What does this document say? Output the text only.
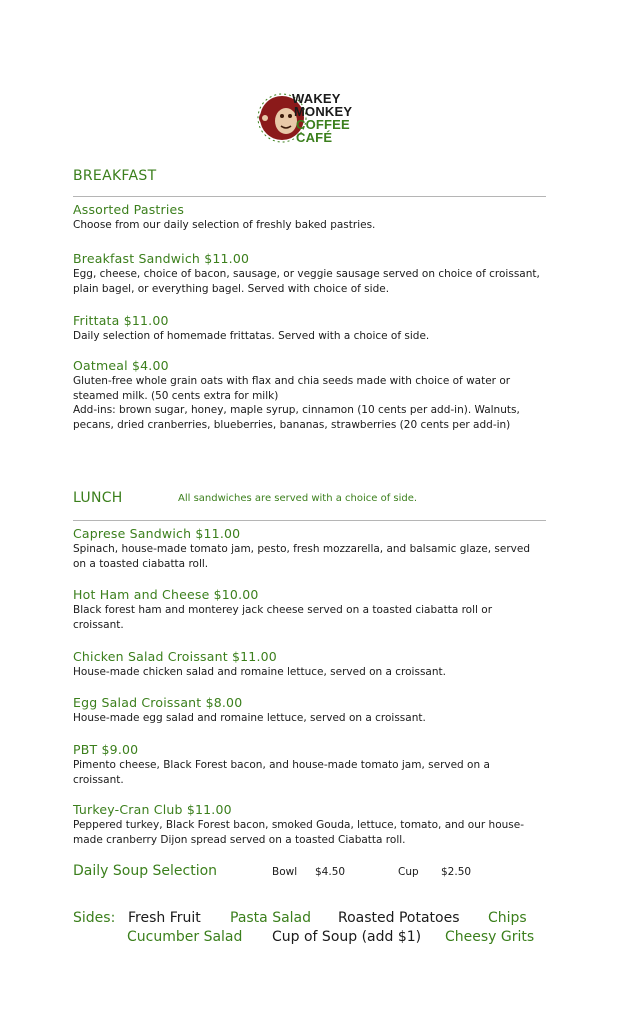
WAKEY
MONKEY
COFFEE
CAFÉ
BREAKFAST
Assorted Pastries

Choose from our daily selection of freshly baked pastries.

Breakfast Sandwich $11.00

Egg, cheese, choice of bacon, sausage, or veggie sausage served on choice of croissant, plain bagel, or everything bagel. Served with choice of side.

Frittata $11.00

Daily selection of homemade frittatas. Served with a choice of side.

Oatmeal $4.00

Gluten-free whole grain oats with flax and chia seeds made with choice of water or steamed milk. (50 cents extra for milk)

Add-ins: brown sugar, honey, maple syrup, cinnamon (10 cents per add-in). Walnuts,

pecans, dried cranberries, blueberries, bananas, strawberries (20 cents per add-in)

LUNCH	All sandwiches are served with a choice of side.
Caprese Sandwich $11.00

Spinach, house-made tomato jam, pesto, fresh mozzarella, and balsamic glaze, served on a toasted ciabatta roll.

Hot Ham and Cheese $10.00

Black forest ham and monterey jack cheese served on a toasted ciabatta roll or croissant.

Chicken Salad Croissant $11.00

House-made chicken salad and romaine lettuce, served on a croissant.

Egg Salad Croissant $8.00

House-made egg salad and romaine lettuce, served on a croissant.

PBT $9.00

Pimento cheese, Black Forest bacon, and house-made tomato jam, served on a croissant.

Turkey-Cran Club $11.00

Peppered turkey, Black Forest bacon, smoked Gouda, lettuce, tomato, and our house-made cranberry Dijon spread served on a toasted Ciabatta roll.

Daily Soup Selection	Bowl $4.50	Cup $2.50
Sides: Fresh Fruit Pasta Salad Roasted Potatoes Chips
Cucumber Salad Cup of Soup (add $1) Cheesy Grits
